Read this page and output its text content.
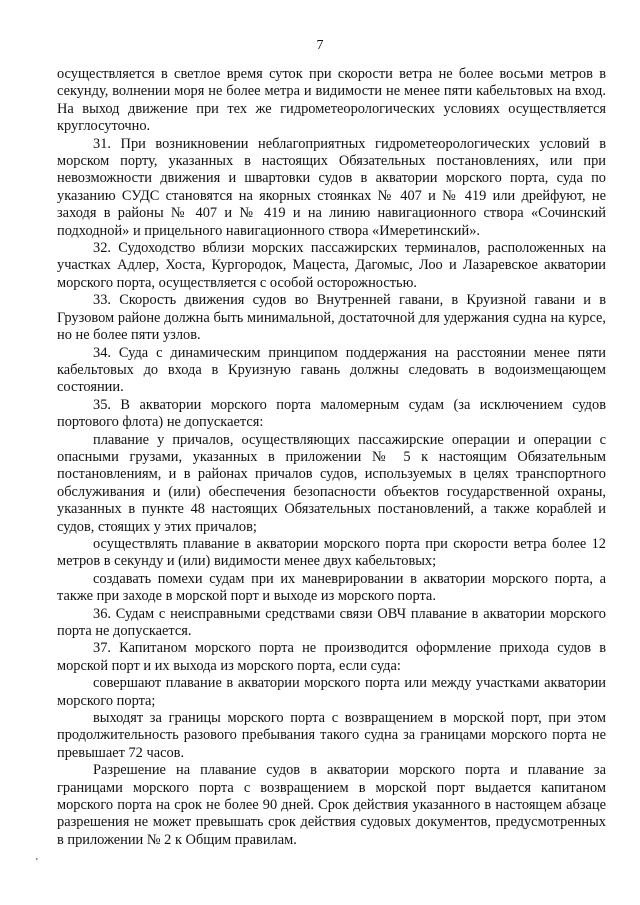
7

осуществляется в светлое время суток при скорости ветра не более восьми метров в секунду, волнении моря не более метра и видимости не менее пяти кабельтовых на вход. На выход движение при тех же гидрометеорологических условиях осуществляется круглосуточно.

31. При возникновении неблагоприятных гидрометеорологических условий в морском порту, указанных в настоящих Обязательных постановлениях, или при невозможности движения и швартовки судов в акватории морского порта, суда по указанию СУДС становятся на якорных стоянках № 407 и № 419 или дрейфуют, не заходя в районы № 407 и № 419 и на линию навигационного створа «Сочинский подходной» и прицельного навигационного створа «Имеретинский».

32. Судоходство вблизи морских пассажирских терминалов, расположенных на участках Адлер, Хоста, Кургородок, Мацеста, Дагомыс, Лоо и Лазаревское акватории морского порта, осуществляется с особой осторожностью.

33. Скорость движения судов во Внутренней гавани, в Круизной гавани и в Грузовом районе должна быть минимальной, достаточной для удержания судна на курсе, но не более пяти узлов.

34. Суда с динамическим принципом поддержания на расстоянии менее пяти кабельтовых до входа в Круизную гавань должны следовать в водоизмещающем состоянии.

35. В акватории морского порта маломерным судам (за исключением судов портового флота) не допускается:

плавание у причалов, осуществляющих пассажирские операции и операции с опасными грузами, указанных в приложении № 5 к настоящим Обязательным постановлениям, и в районах причалов судов, используемых в целях транспортного обслуживания и (или) обеспечения безопасности объектов государственной охраны, указанных в пункте 48 настоящих Обязательных постановлений, а также кораблей и судов, стоящих у этих причалов;

осуществлять плавание в акватории морского порта при скорости ветра более 12 метров в секунду и (или) видимости менее двух кабельтовых;

создавать помехи судам при их маневрировании в акватории морского порта, а также при заходе в морской порт и выходе из морского порта.

36. Судам с неисправными средствами связи ОВЧ плавание в акватории морского порта не допускается.

37. Капитаном морского порта не производится оформление прихода судов в морской порт и их выхода из морского порта, если суда:

совершают плавание в акватории морского порта или между участками акватории морского порта;

выходят за границы морского порта с возвращением в морской порт, при этом продолжительность разового пребывания такого судна за границами морского порта не превышает 72 часов.

Разрешение на плавание судов в акватории морского порта и плавание за границами морского порта с возвращением в морской порт выдается капитаном морского порта на срок не более 90 дней. Срок действия указанного в настоящем абзаце разрешения не может превышать срок действия судовых документов, предусмотренных в приложении № 2 к Общим правилам.

'
